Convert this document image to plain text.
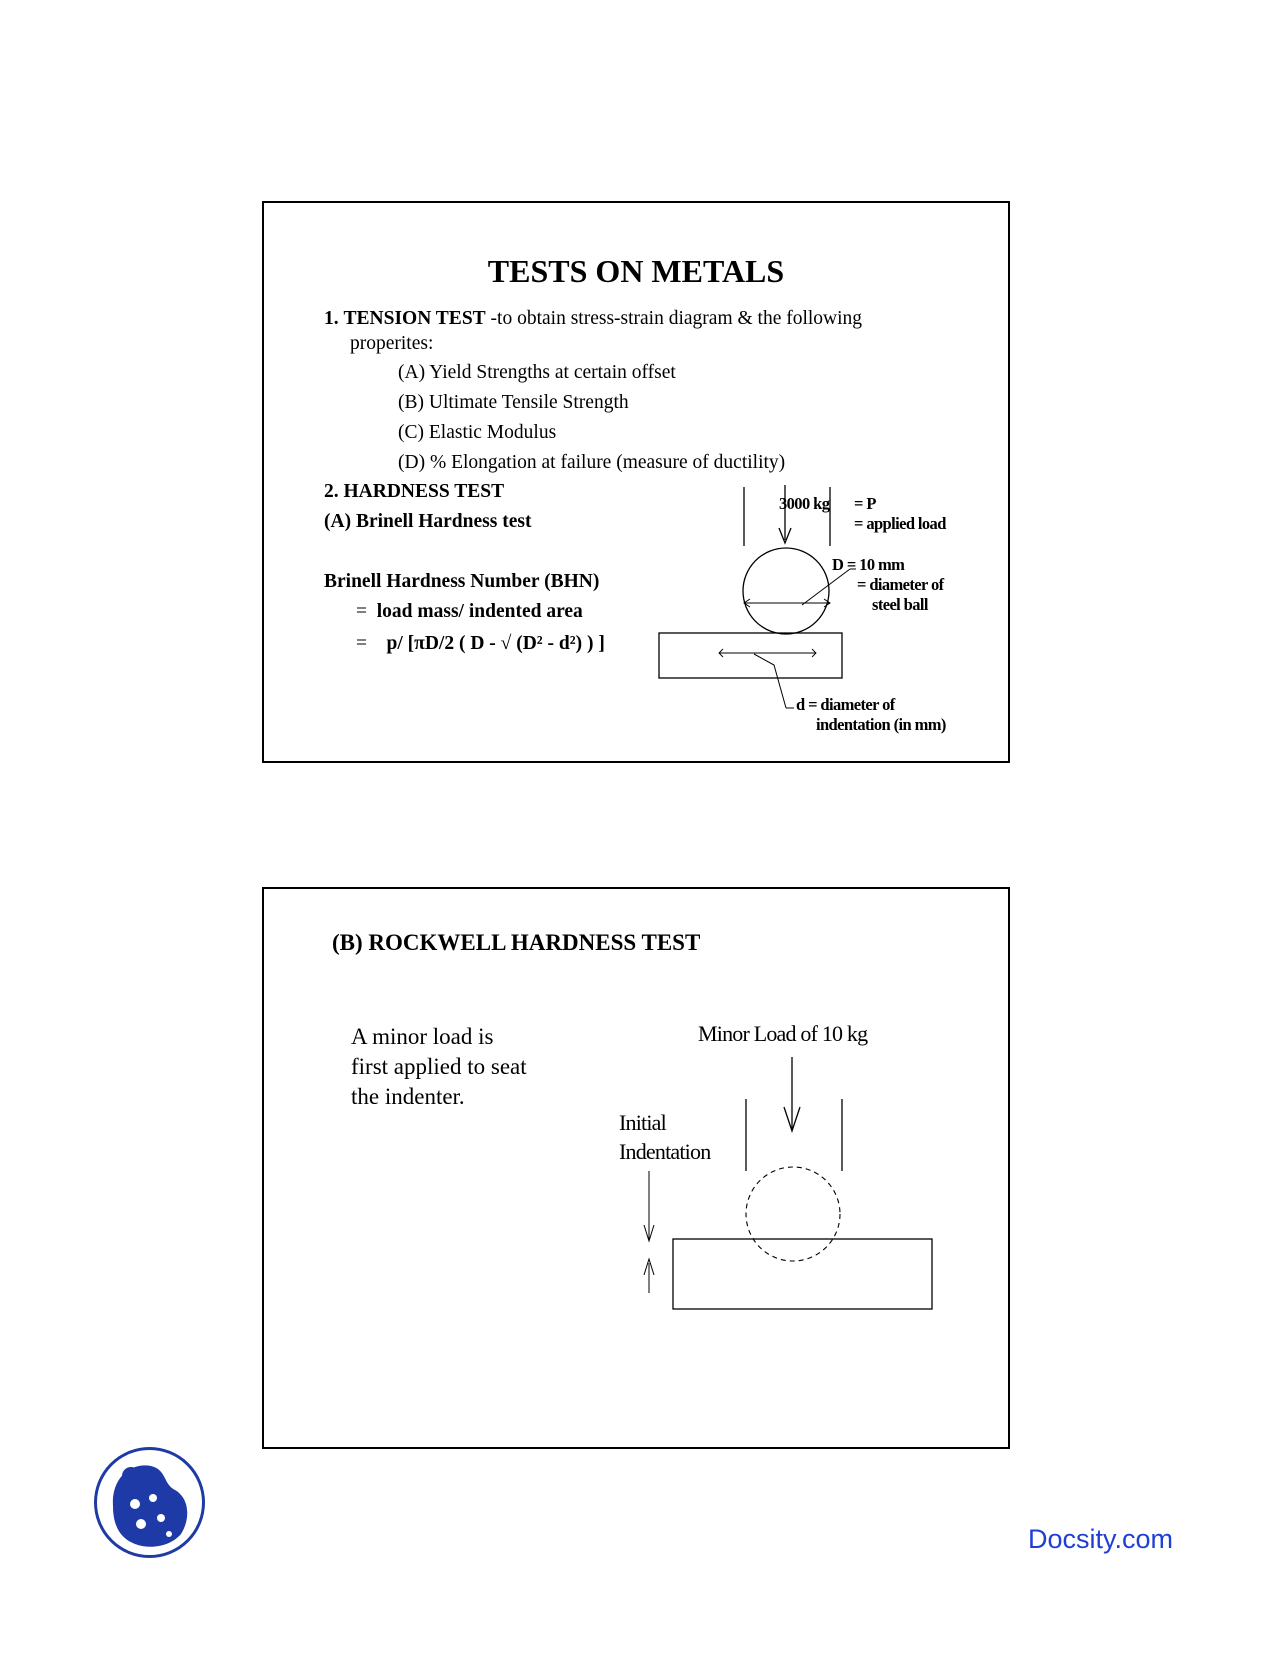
TESTS ON METALS
1. TENSION TEST -to obtain stress-strain diagram & the following
properites:
(A) Yield Strengths at certain offset
(B) Ultimate Tensile Strength
(C) Elastic Modulus
(D) % Elongation at failure (measure of ductility)
2. HARDNESS TEST
(A) Brinell Hardness test
Brinell Hardness Number (BHN)
= load mass/ indented area
= p/ [πD/2 ( D - √ (D² - d²) ) ]
3000 kg = P
= applied load
D = 10 mm
= diameter of
steel ball
d = diameter of
indentation (in mm)
(B) ROCKWELL HARDNESS TEST
A minor load is
first applied to seat
the indenter.
Minor Load of 10 kg
Initial
Indentation
Docsity.com
